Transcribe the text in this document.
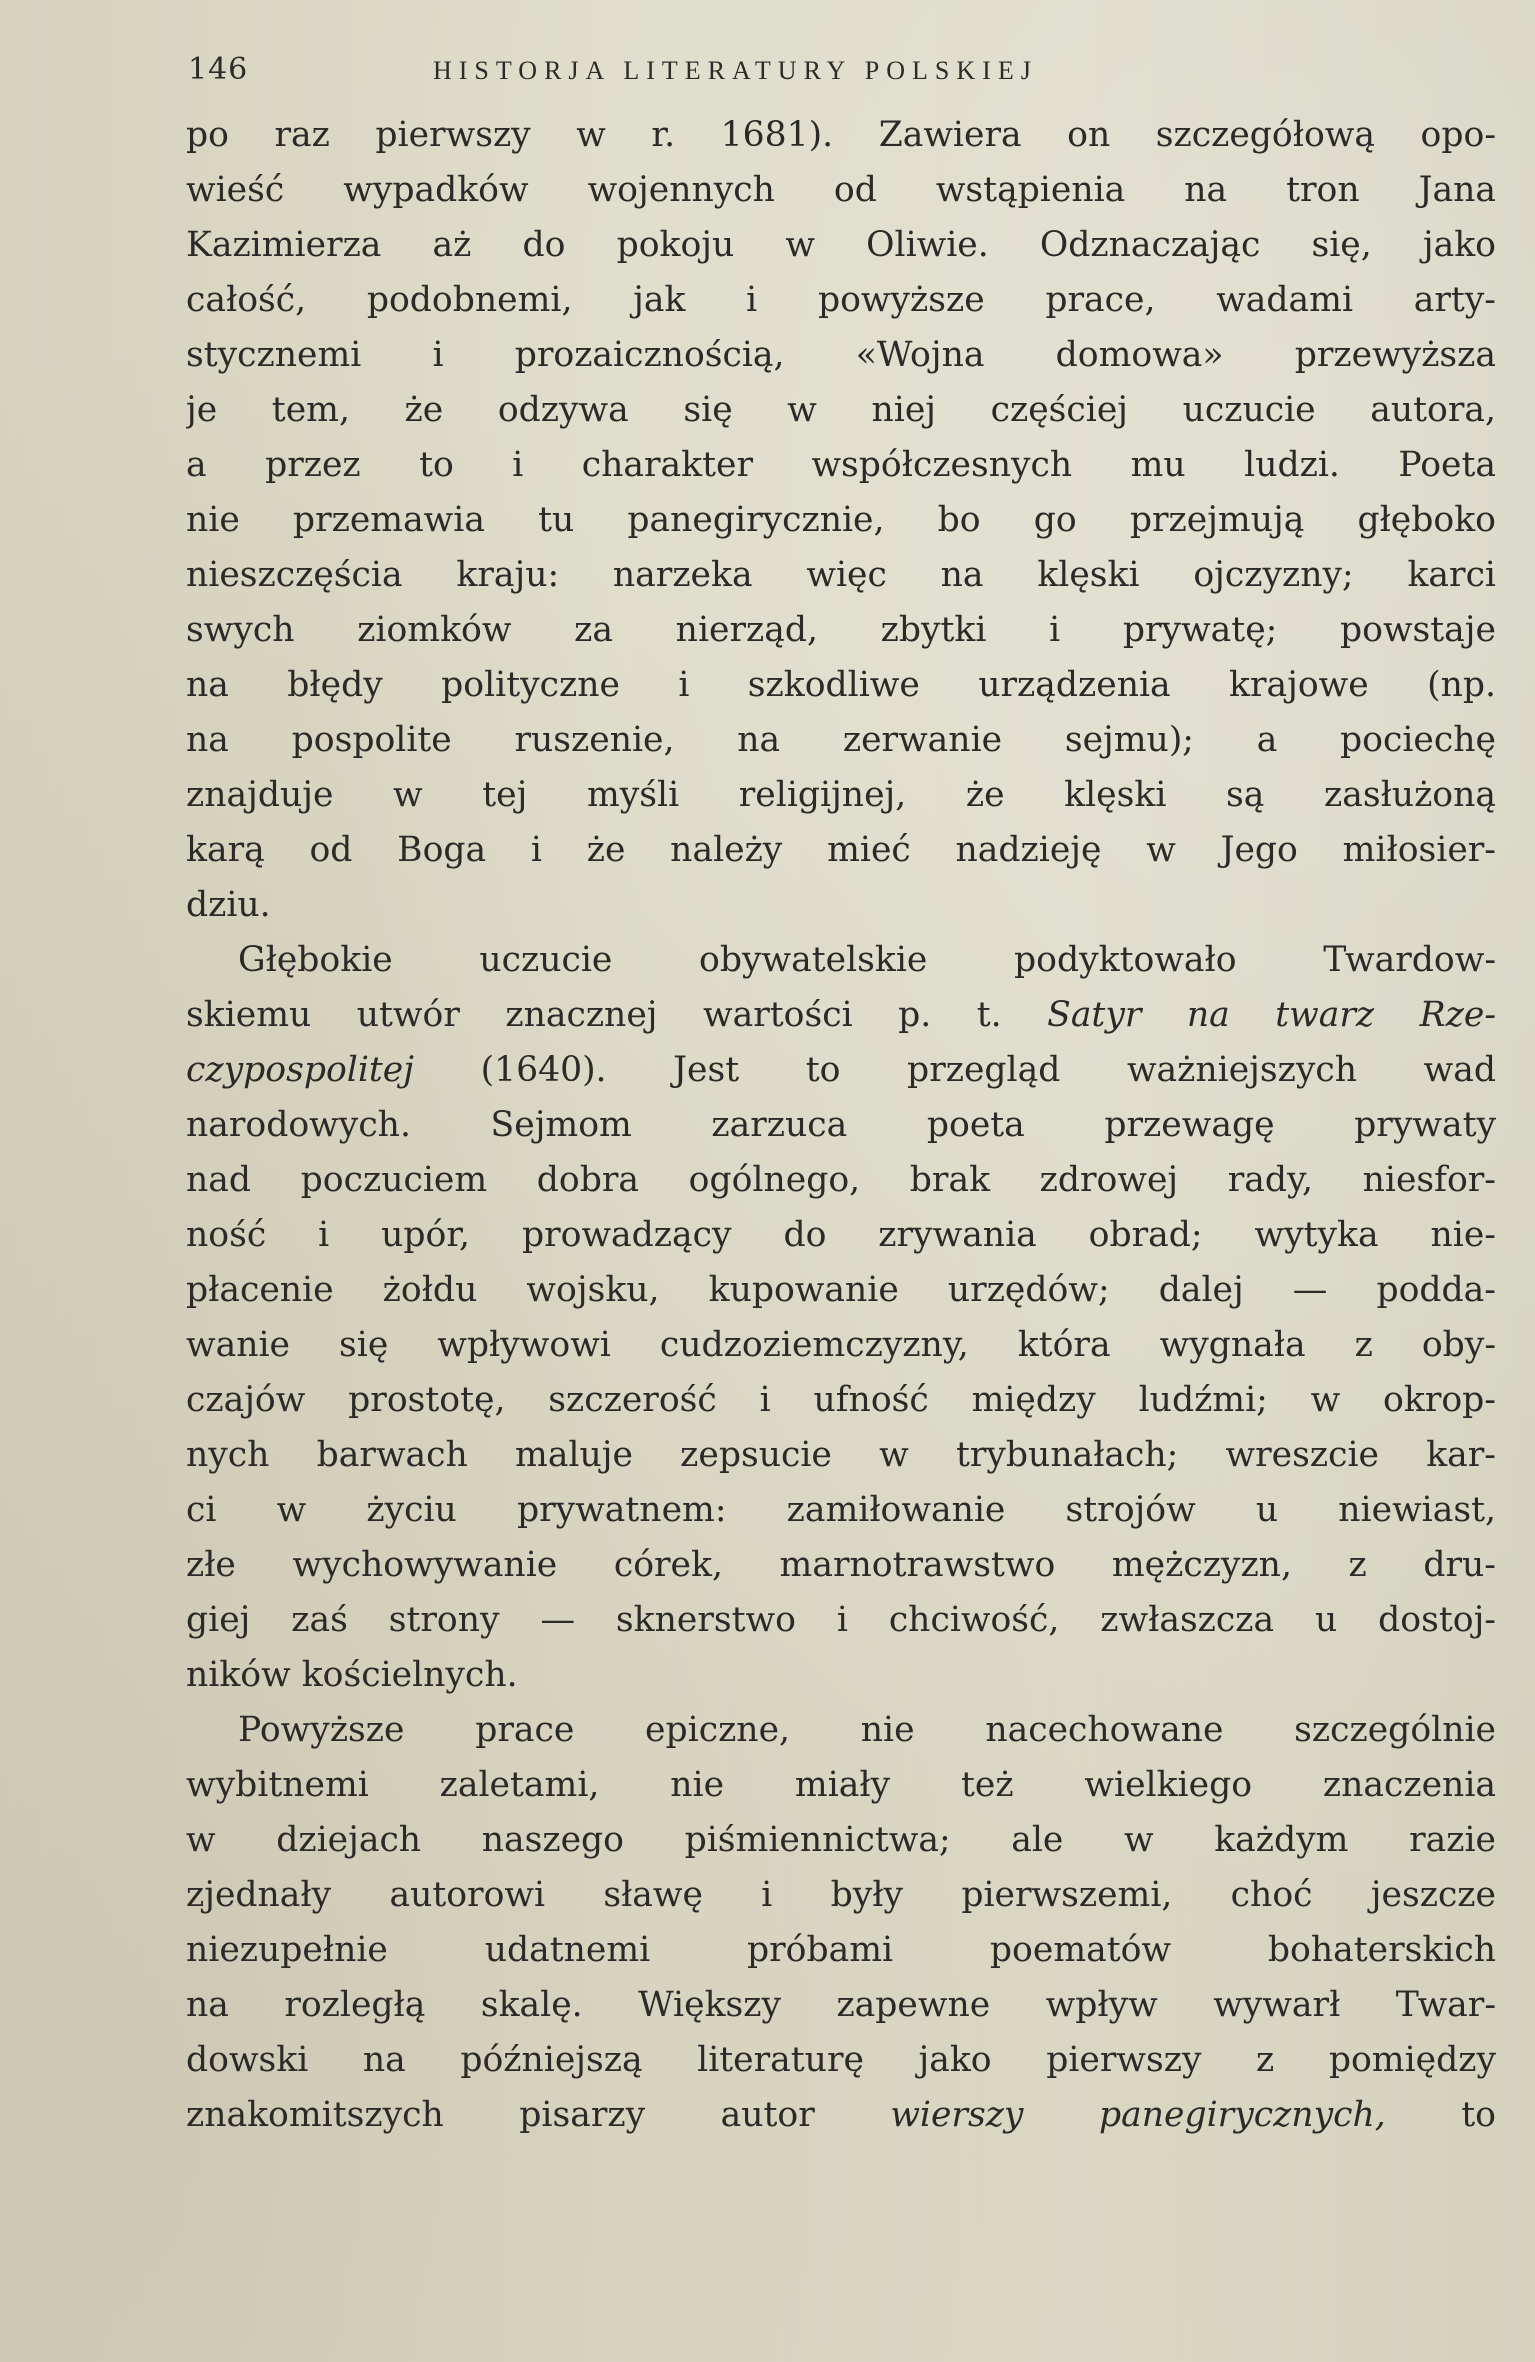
146	HISTORJA LITERATURY POLSKIEJ
po raz pierwszy w r. 1681). Zawiera on szczegółową opo-
wieść wypadków wojennych od wstąpienia na tron Jana
Kazimierza aż do pokoju w Oliwie. Odznaczając się, jako
całość, podobnemi, jak i powyższe prace, wadami arty-
stycznemi i prozaicznością, «Wojna domowa» przewyższa
je tem, że odzywa się w niej częściej uczucie autora,
a przez to i charakter współczesnych mu ludzi. Poeta
nie przemawia tu panegirycznie, bo go przejmują głęboko
nieszczęścia kraju: narzeka więc na klęski ojczyzny; karci
swych ziomków za nierząd, zbytki i prywatę; powstaje
na błędy polityczne i szkodliwe urządzenia krajowe (np.
na pospolite ruszenie, na zerwanie sejmu); a pociechę
znajduje w tej myśli religijnej, że klęski są zasłużoną
karą od Boga i że należy mieć nadzieję w Jego miłosier-
dziu.
Głębokie uczucie obywatelskie podyktowało Twardow-
skiemu utwór znacznej wartości p. t. Satyr na twarz Rze-
czypospolitej (1640). Jest to przegląd ważniejszych wad
narodowych. Sejmom zarzuca poeta przewagę prywaty
nad poczuciem dobra ogólnego, brak zdrowej rady, niesfor-
ność i upór, prowadzący do zrywania obrad; wytyka nie-
płacenie żołdu wojsku, kupowanie urzędów; dalej — podda-
wanie się wpływowi cudzoziemczyzny, która wygnała z oby-
czajów prostotę, szczerość i ufność między ludźmi; w okrop-
nych barwach maluje zepsucie w trybunałach; wreszcie kar-
ci w życiu prywatnem: zamiłowanie strojów u niewiast,
złe wychowywanie córek, marnotrawstwo mężczyzn, z dru-
giej zaś strony — sknerstwo i chciwość, zwłaszcza u dostoj-
ników kościelnych.
Powyższe prace epiczne, nie nacechowane szczególnie
wybitnemi zaletami, nie miały też wielkiego znaczenia
w dziejach naszego piśmiennictwa; ale w każdym razie
zjednały autorowi sławę i były pierwszemi, choć jeszcze
niezupełnie udatnemi próbami poematów bohaterskich
na rozległą skalę. Większy zapewne wpływ wywarł Twar-
dowski na późniejszą literaturę jako pierwszy z pomiędzy
znakomitszych pisarzy autor wierszy panegirycznych, to
